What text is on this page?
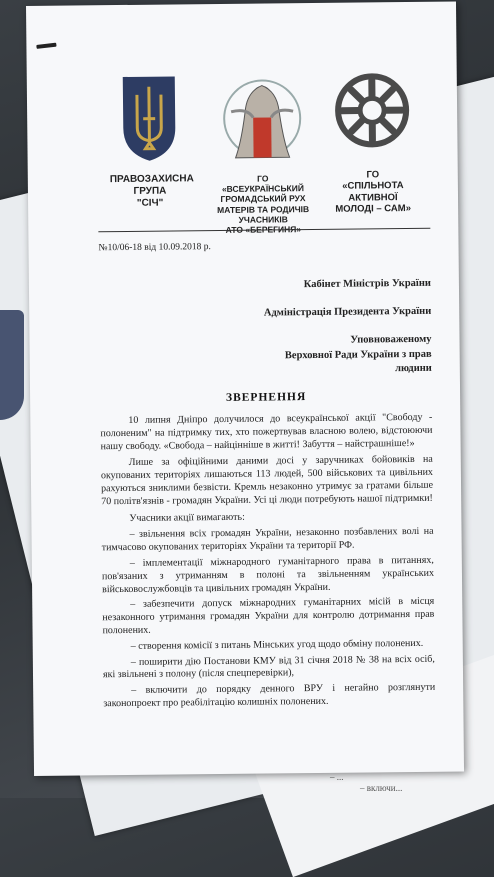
– ...
– включи...
ПРАВОЗАХИСНА
ГРУПА
"СІЧ"
ГО
«ВСЕУКРАЇНСЬКИЙ
ГРОМАДСЬКИЙ РУХ
МАТЕРІВ ТА РОДИЧІВ УЧАСНИКІВ

ГО
«СПІЛЬНОТА АКТИВНОЇ
МОЛОДІ – САМ»
№10/06-18 від 10.09.2018 р.
Кабінет Міністрів України
Адміністрація Президента України
Уповноваженому
Верховної Ради України з прав людини
ЗВЕРНЕННЯ

10 липня Дніпро долучилося до всеукраїнської акції "Свободу - полоненим" на підтримку тих, хто пожертвував власною волею, відстоюючи нашу свободу. «Свобода – найцінніше в житті! Забуття – найстрашніше!»

Лише за офіційними даними досі у заручниках бойовиків на окупованих територіях лишаються 113 людей, 500 військових та цивільних рахуються зниклими безвісти. Кремль незаконно утримує за гратами більше 70 політв'язнів - громадян України. Усі ці люди потребують нашої підтримки!

Учасники акції вимагають:

– звільнення всіх громадян України, незаконно позбавлених волі на тимчасово окупованих територіях України та території РФ.

– імплементації міжнародного гуманітарного права в питаннях, пов'язаних з утриманням в полоні та звільненням українських військовослужбовців та цивільних громадян України.

– забезпечити допуск міжнародних гуманітарних місій в місця незаконного утримання громадян України для контролю дотримання прав полонених.

– створення комісії з питань Мінських угод щодо обміну полонених.

– поширити дію Постанови КМУ від 31 січня 2018 № 38 на всіх осіб, які звільнені з полону (після спецперевірки),

– включити до порядку денного ВРУ і негайно розглянути законопроект про реабілітацію колишніх полонених.
